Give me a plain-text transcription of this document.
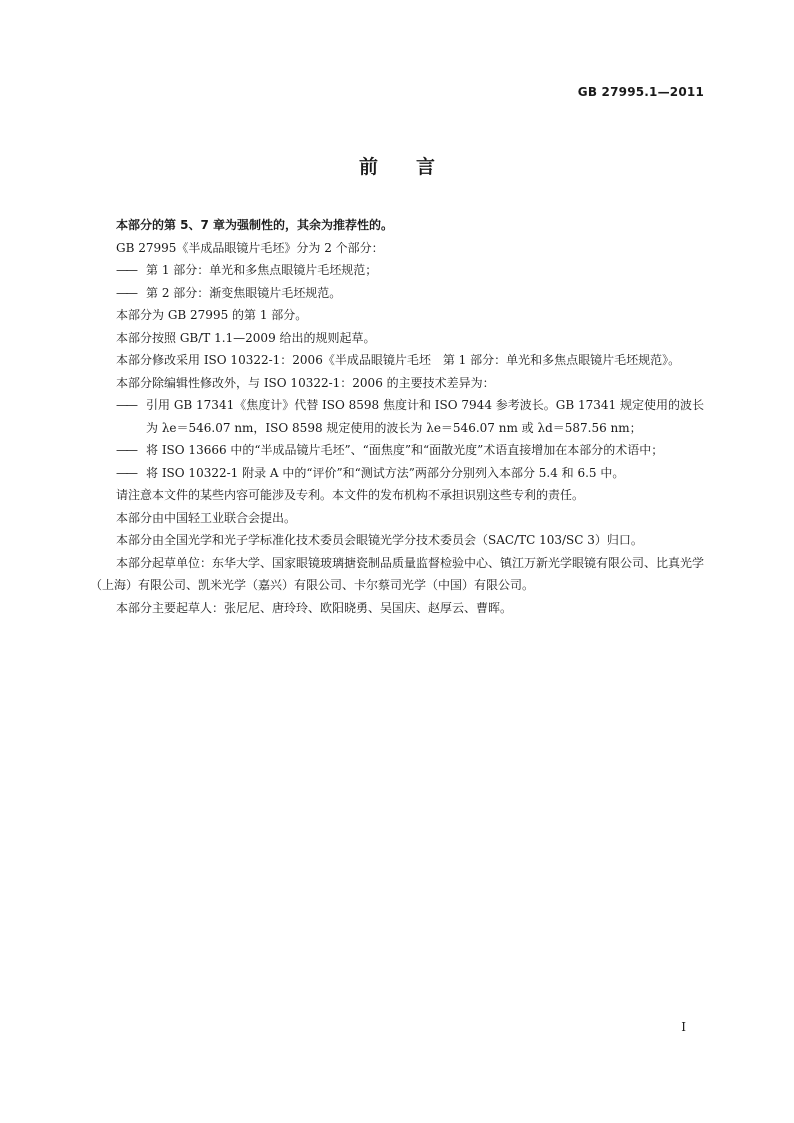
GB 27995.1—2011
前言

本部分的第 5、7 章为强制性的，其余为推荐性的。

GB 27995《半成品眼镜片毛坯》分为 2 个部分：

—— 第 1 部分：单光和多焦点眼镜片毛坯规范；

—— 第 2 部分：渐变焦眼镜片毛坯规范。

本部分为 GB 27995 的第 1 部分。

本部分按照 GB/T 1.1—2009 给出的规则起草。

本部分修改采用 ISO 10322-1：2006《半成品眼镜片毛坯　第 1 部分：单光和多焦点眼镜片毛坯规范》。

本部分除编辑性修改外，与 ISO 10322-1：2006 的主要技术差异为：

—— 引用 GB 17341《焦度计》代替 ISO 8598 焦度计和 ISO 7944 参考波长。GB 17341 规定使用的波长为 λe＝546.07 nm，ISO 8598 规定使用的波长为 λe＝546.07 nm 或 λd＝587.56 nm；

—— 将 ISO 13666 中的“半成品镜片毛坯”、“面焦度”和“面散光度”术语直接增加在本部分的术语中；

—— 将 ISO 10322-1 附录 A 中的“评价”和“测试方法”两部分分别列入本部分 5.4 和 6.5 中。

请注意本文件的某些内容可能涉及专利。本文件的发布机构不承担识别这些专利的责任。

本部分由中国轻工业联合会提出。

本部分由全国光学和光子学标准化技术委员会眼镜光学分技术委员会（SAC/TC 103/SC 3）归口。

本部分起草单位：东华大学、国家眼镜玻璃搪瓷制品质量监督检验中心、镇江万新光学眼镜有限公司、比真光学（上海）有限公司、凯米光学（嘉兴）有限公司、卡尔蔡司光学（中国）有限公司。

本部分主要起草人：张尼尼、唐玲玲、欧阳晓勇、吴国庆、赵厚云、曹晖。

I
